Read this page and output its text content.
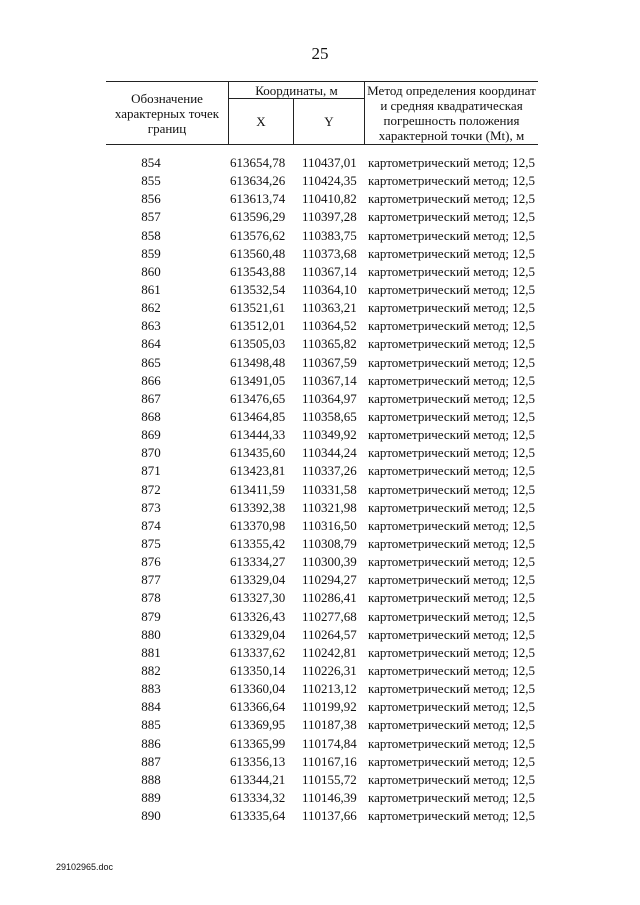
25
Обозначение характерных точек границ	Координаты, м		Метод определения координат и средняя квадратическая погрешность положения характерной точки (Mt), м
	X	Y	
854	613654,78 110437,01 картометрический метод; 12,5
855	613634,26 110424,35 картометрический метод; 12,5
856	613613,74 110410,82 картометрический метод; 12,5
857	613596,29 110397,28 картометрический метод; 12,5
858	613576,62 110383,75 картометрический метод; 12,5
859	613560,48 110373,68 картометрический метод; 12,5
860	613543,88 110367,14 картометрический метод; 12,5
861	613532,54 110364,10 картометрический метод; 12,5
862	613521,61 110363,21 картометрический метод; 12,5
863	613512,01 110364,52 картометрический метод; 12,5
864	613505,03 110365,82 картометрический метод; 12,5
865	613498,48 110367,59 картометрический метод; 12,5
866	613491,05 110367,14 картометрический метод; 12,5
867	613476,65 110364,97 картометрический метод; 12,5
868	613464,85 110358,65 картометрический метод; 12,5
869	613444,33 110349,92 картометрический метод; 12,5
870	613435,60 110344,24 картометрический метод; 12,5
871	613423,81 110337,26 картометрический метод; 12,5
872	613411,59 110331,58 картометрический метод; 12,5
873	613392,38 110321,98 картометрический метод; 12,5
874	613370,98 110316,50 картометрический метод; 12,5
875	613355,42 110308,79 картометрический метод; 12,5
876	613334,27 110300,39 картометрический метод; 12,5
877	613329,04 110294,27 картометрический метод; 12,5
878	613327,30 110286,41 картометрический метод; 12,5
879	613326,43 110277,68 картометрический метод; 12,5
880	613329,04 110264,57 картометрический метод; 12,5
881	613337,62 110242,81 картометрический метод; 12,5
882	613350,14 110226,31 картометрический метод; 12,5
883	613360,04 110213,12 картометрический метод; 12,5
884	613366,64 110199,92 картометрический метод; 12,5
885	613369,95 110187,38 картометрический метод; 12,5
886	613365,99 110174,84 картометрический метод; 12,5
887	613356,13 110167,16 картометрический метод; 12,5
888	613344,21 110155,72 картометрический метод; 12,5
889	613334,32 110146,39 картометрический метод; 12,5
890	613335,64 110137,66 картометрический метод; 12,5
29102965.doc
